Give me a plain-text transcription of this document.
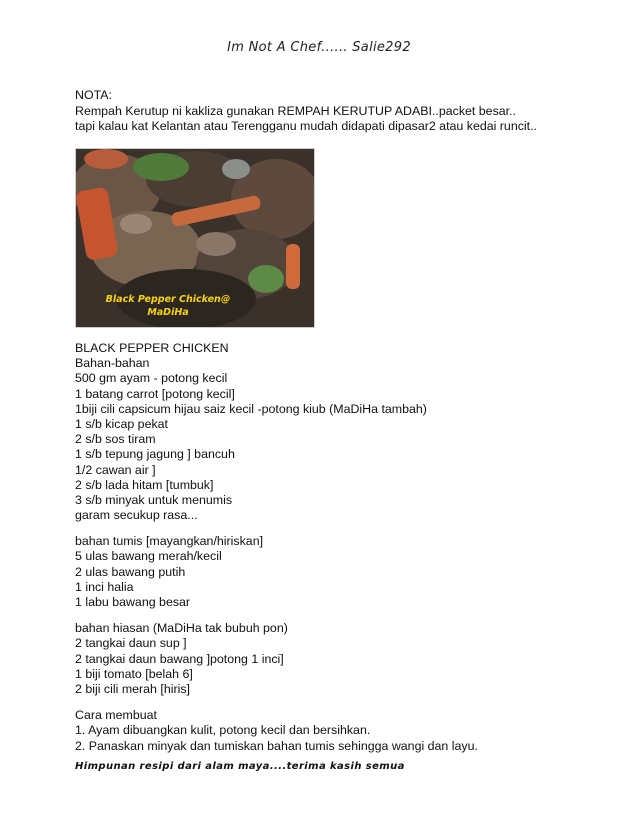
Im Not A Chef...... Salie292
NOTA:
Rempah Kerutup ni kakliza gunakan REMPAH KERUTUP ADABI..packet besar..
tapi kalau kat Kelantan atau Terengganu mudah didapati dipasar2 atau kedai runcit..
Black Pepper Chicken@
MaDiHa
BLACK PEPPER CHICKEN
Bahan-bahan
500 gm ayam - potong kecil
1 batang carrot [potong kecil]
1biji cili capsicum hijau saiz kecil -potong kiub (MaDiHa tambah)
1 s/b kicap pekat
2 s/b sos tiram
1 s/b tepung jagung ] bancuh
1/2 cawan air ]
2 s/b lada hitam [tumbuk]
3 s/b minyak untuk menumis
garam secukup rasa...
bahan tumis [mayangkan/hiriskan]
5 ulas bawang merah/kecil
2 ulas bawang putih
1 inci halia
1 labu bawang besar
bahan hiasan (MaDiHa tak bubuh pon)
2 tangkai daun sup ]
2 tangkai daun bawang ]potong 1 inci]
1 biji tomato [belah 6]
2 biji cili merah [hiris]
Cara membuat
1. Ayam dibuangkan kulit, potong kecil dan bersihkan.
2. Panaskan minyak dan tumiskan bahan tumis sehingga wangi dan layu.
Himpunan resipi dari alam maya....terima kasih semua
